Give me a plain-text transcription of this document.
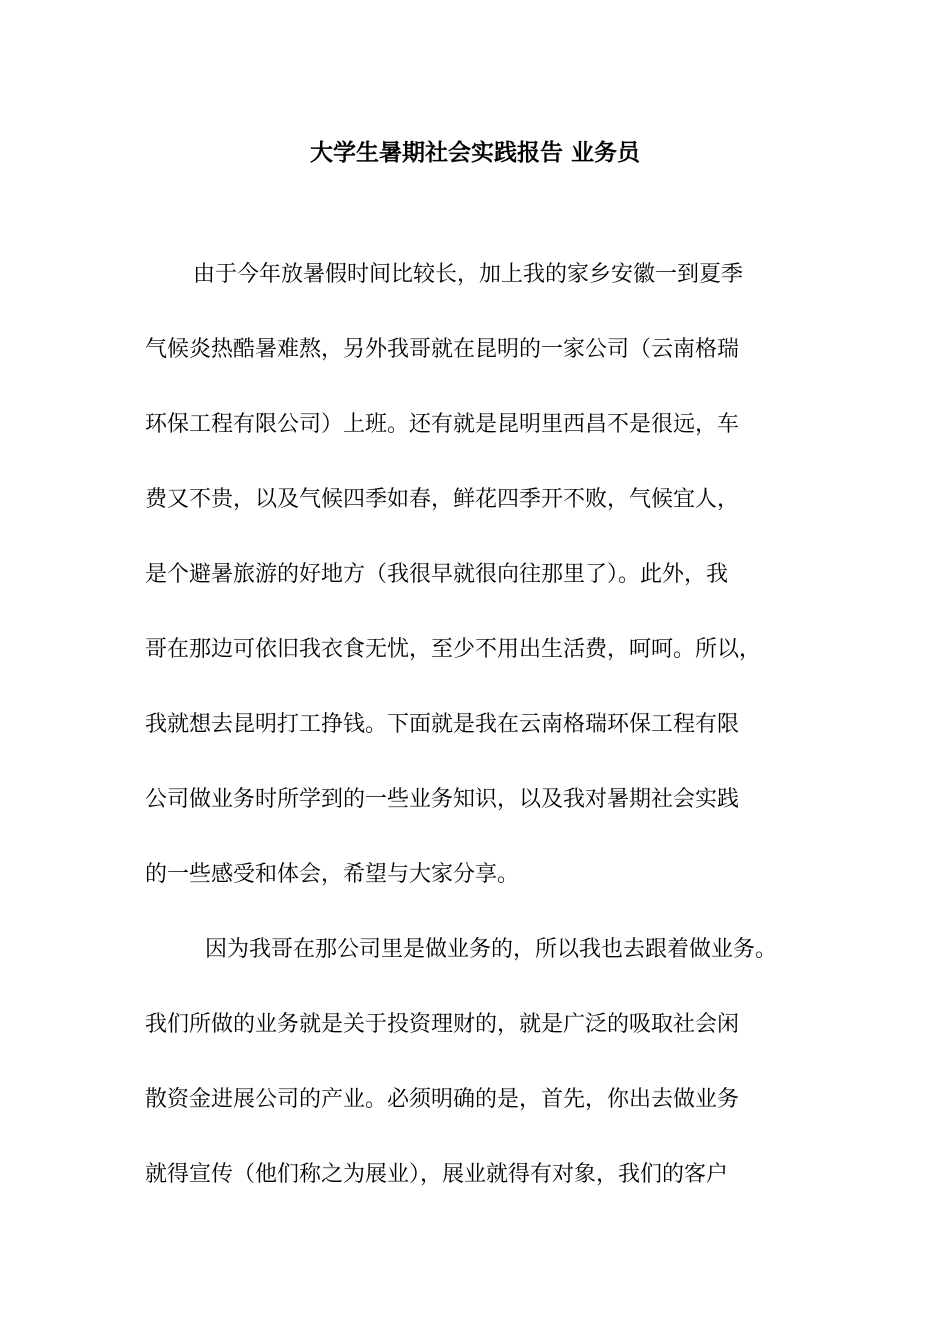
大学生暑期社会实践报告 业务员
由于今年放暑假时间比较长，加上我的家乡安徽一到夏季
气候炎热酷暑难熬，另外我哥就在昆明的一家公司（云南格瑞
环保工程有限公司）上班。还有就是昆明里西昌不是很远，车
费又不贵，以及气候四季如春，鲜花四季开不败，气候宜人，
是个避暑旅游的好地方（我很早就很向往那里了）。此外，我
哥在那边可依旧我衣食无忧，至少不用出生活费，呵呵。所以，
我就想去昆明打工挣钱。下面就是我在云南格瑞环保工程有限
公司做业务时所学到的一些业务知识，以及我对暑期社会实践
的一些感受和体会，希望与大家分享。
因为我哥在那公司里是做业务的，所以我也去跟着做业务。
我们所做的业务就是关于投资理财的，就是广泛的吸取社会闲
散资金进展公司的产业。必须明确的是，首先，你出去做业务
就得宣传（他们称之为展业），展业就得有对象，我们的客户
